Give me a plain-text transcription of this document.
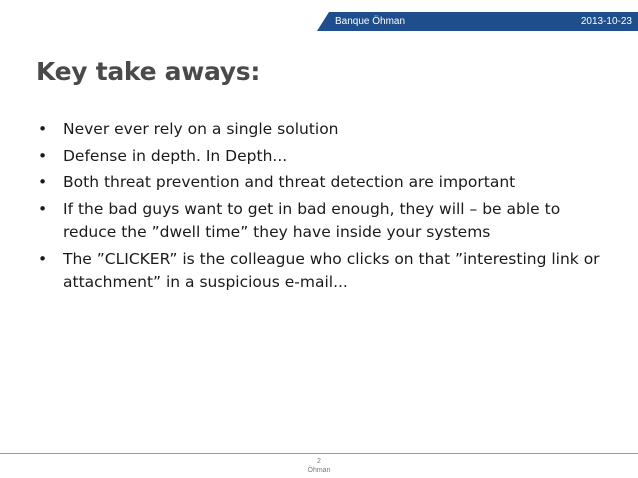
Banque Öhman	2013-10-23
Key take aways:
• Never ever rely on a single solution
• Defense in depth. In Depth...
• Both threat prevention and threat detection are important
• If the bad guys want to get in bad enough, they will – be able to reduce the ”dwell time” they have inside your systems
• The ”CLICKER” is the colleague who clicks on that ”interesting link or attachment” in a suspicious e-mail...
2
Öhman
